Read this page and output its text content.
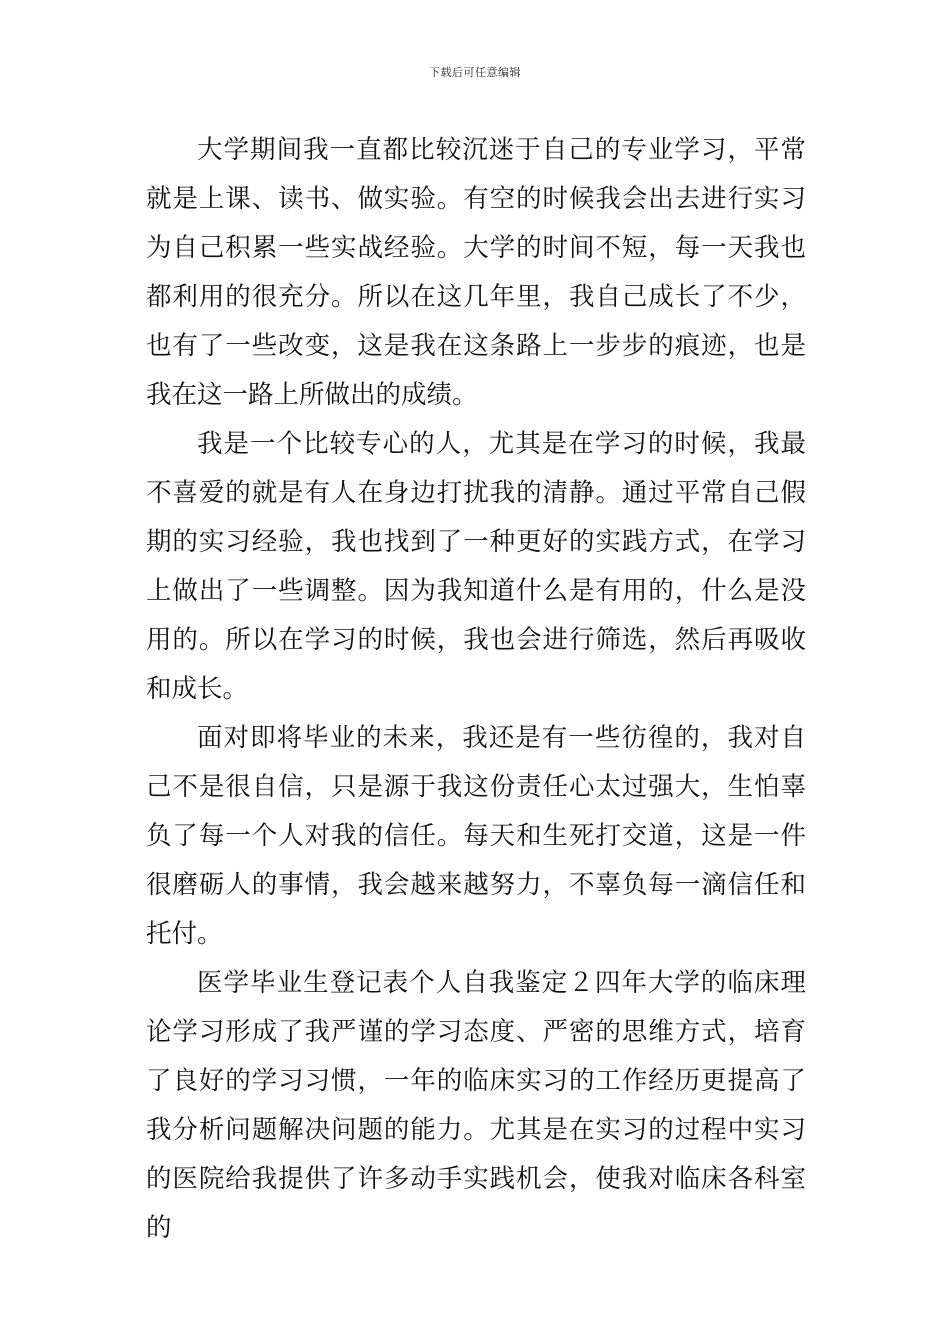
下载后可任意编辑

大学期间我一直都比较沉迷于自己的专业学习，平常就是上课、读书、做实验。有空的时候我会出去进行实习为自己积累一些实战经验。大学的时间不短，每一天我也都利用的很充分。所以在这几年里，我自己成长了不少，也有了一些改变，这是我在这条路上一步步的痕迹，也是我在这一路上所做出的成绩。

我是一个比较专心的人，尤其是在学习的时候，我最不喜爱的就是有人在身边打扰我的清静。通过平常自己假期的实习经验，我也找到了一种更好的实践方式，在学习上做出了一些调整。因为我知道什么是有用的，什么是没用的。所以在学习的时候，我也会进行筛选，然后再吸收和成长。

面对即将毕业的未来，我还是有一些彷徨的，我对自己不是很自信，只是源于我这份责任心太过强大，生怕辜负了每一个人对我的信任。每天和生死打交道，这是一件很磨砺人的事情，我会越来越努力，不辜负每一滴信任和托付。

医学毕业生登记表个人自我鉴定２四年大学的临床理论学习形成了我严谨的学习态度、严密的思维方式，培育了良好的学习习惯，一年的临床实习的工作经历更提高了我分析问题解决问题的能力。尤其是在实习的过程中实习的医院给我提供了许多动手实践机会，使我对临床各科室的
